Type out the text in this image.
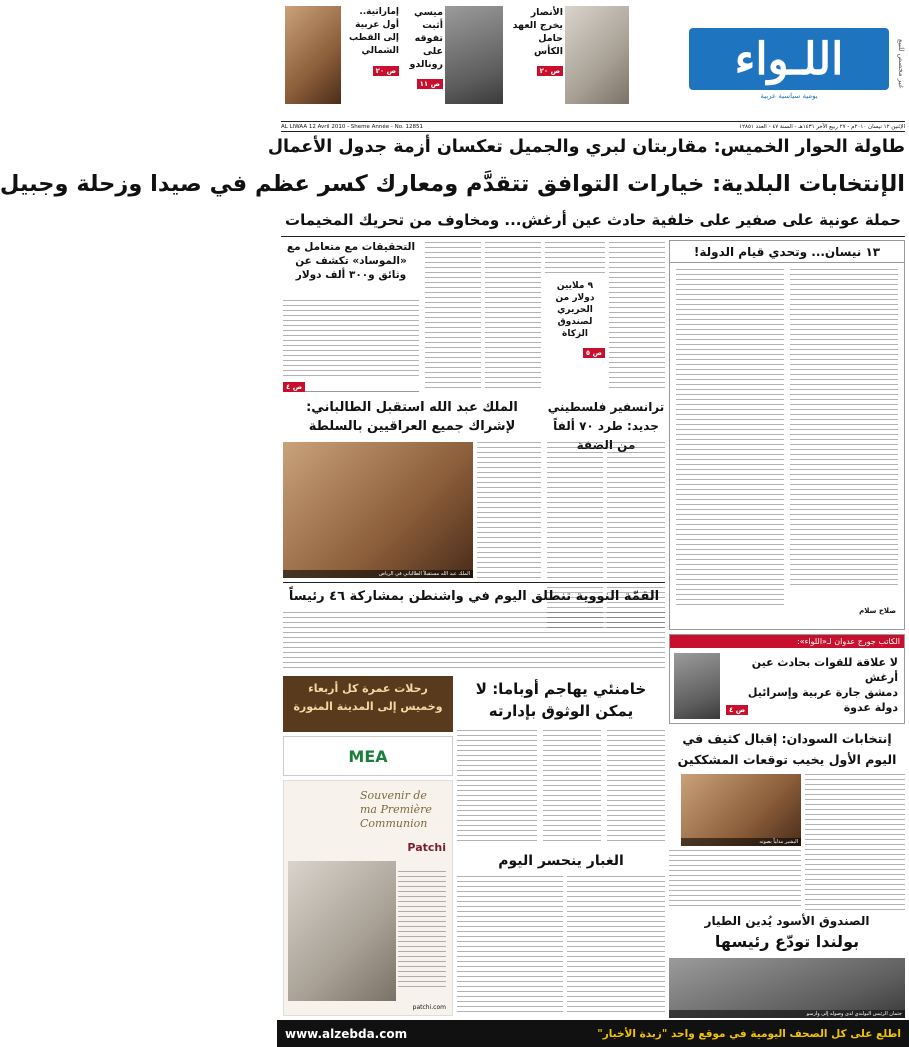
غير مخصص للبيع
اللـواء
يومية سياسية عربية
الأنصار يخرج العهد حامل الكأس
ص ٢٠
ميسي أثبت تفوقه على رونالدو
ص ١١
إماراتية.. أول عربية إلى القطب الشمالي
ص ٢٠
الإثنين ١٢ نيسان ٢٠١٠م - ٢٧ ربيع الآخر ١٤٣١هـ - السنة ٤٧ - العدد ١٢٨٥١
AL LIWAA 12 Avril 2010 - Sheme Année - No. 12851
طاولة الحوار الخميس: مقاربتان لبري والجميل تعكسان أزمة جدول الأعمال
الإنتخابات البلدية: خيارات التوافق تتقدَّم ومعارك كسر عظم في صيدا وزحلة وجبيل
حملة عونية على صفير على خلفية حادث عين أرغش... ومخاوف من تحريك المخيمات
١٣ نيسان... وتحدي قيام الدولة!
صلاح سلام
٩ ملايين دولار من الحريري لصندوق الزكاة
ص ٥
التحقيقات مع متعامل مع «الموساد» تكشف عن وثائق و٣٠٠ ألف دولار
ص ٤
الملك عبد الله استقبل الطالباني: لإشراك جميع العراقيين بالسلطة
الملك عبد الله مستقبلاً الطالباني في الرياض
ترانسفير فلسطيني جديد: طرد ٧٠ ألفاً من الضفة
القمّة النووية تنطلق اليوم في واشنطن بمشاركة ٤٦ رئيساً
الكاتب جورج عدوان لـ«اللواء»:
لا علاقة للقوات بحادث عين أرغش
دمشق جارة عربية وإسرائيل دولة عدوة
ص ٤
رحلات عمرة كل أربعاء وخميس إلى المدينة المنورة
خامنئي يهاجم أوباما: لا يمكن الوثوق بإدارته
MEA
إنتخابات السودان: إقبال كثيف في اليوم الأول يخيب توقعات المشككين
البشير مدلياً بصوته
Souvenir de ma Première Communion
Patchi
patchi.com
الغبار ينحسر اليوم
الصندوق الأسود يُدين الطيار
بولندا تودّع رئيسها
جثمان الرئيس البولندي لدى وصوله إلى وارسو
اطلع على كل الصحف اليومية في موقع واحد "زبدة الأخبار"
www.alzebda.com
